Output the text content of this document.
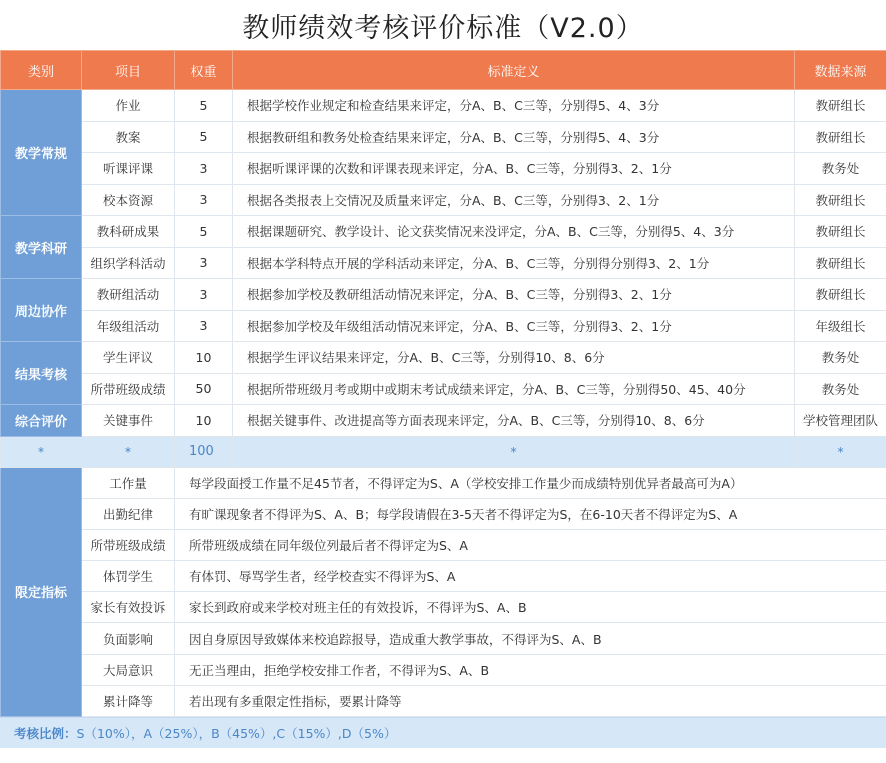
教师绩效考核评价标准（V2.0）
类别	项目	权重	标准定义	数据来源
教学常规	作业	5	根据学校作业规定和检查结果来评定，分A、B、C三等，分别得5、4、3分	教研组长
	教案	5	根据教研组和教务处检查结果来评定，分A、B、C三等，分别得5、4、3分	教研组长
	听课评课	3	根据听课评课的次数和评课表现来评定，分A、B、C三等，分别得3、2、1分	教务处
	校本资源	3	根据各类报表上交情况及质量来评定，分A、B、C三等，分别得3、2、1分	教研组长
教学科研	教科研成果	5	根据课题研究、教学设计、论文获奖情况来没评定，分A、B、C三等，分别得5、4、3分	教研组长
	组织学科活动	3	根据本学科特点开展的学科活动来评定，分A、B、C三等，分别得分别得3、2、1分	教研组长
周边协作	教研组活动	3	根据参加学校及教研组活动情况来评定，分A、B、C三等，分别得3、2、1分	教研组长
	年级组活动	3	根据参加学校及年级组活动情况来评定，分A、B、C三等，分别得3、2、1分	年级组长
结果考核	学生评议	10	根据学生评议结果来评定，分A、B、C三等，分别得10、8、6分	教务处
	所带班级成绩	50	根据所带班级月考或期中或期末考试成绩来评定，分A、B、C三等，分别得50、45、40分	教务处
综合评价	关键事件	10	根据关键事件、改进提高等方面表现来评定，分A、B、C三等，分别得10、8、6分	学校管理团队
*	*	100	*	*
限定指标	工作量	每学段面授工作量不足45节者，不得评定为S、A（学校安排工作量少而成绩特别优异者最高可为A）		
	出勤纪律	有旷课现象者不得评为S、A、B；每学段请假在3-5天者不得评定为S，在6-10天者不得评定为S、A		
	所带班级成绩	所带班级成绩在同年级位列最后者不得评定为S、A		
	体罚学生	有体罚、辱骂学生者，经学校查实不得评为S、A		
	家长有效投诉	家长到政府或来学校对班主任的有效投诉，不得评为S、A、B		
	负面影响	因自身原因导致媒体来校追踪报导，造成重大教学事故，不得评为S、A、B		
	大局意识	无正当理由，拒绝学校安排工作者，不得评为S、A、B		
	累计降等	若出现有多重限定性指标，要累计降等		
考核比例： S（10%），A（25%），B（45%）,C（15%）,D（5%）
